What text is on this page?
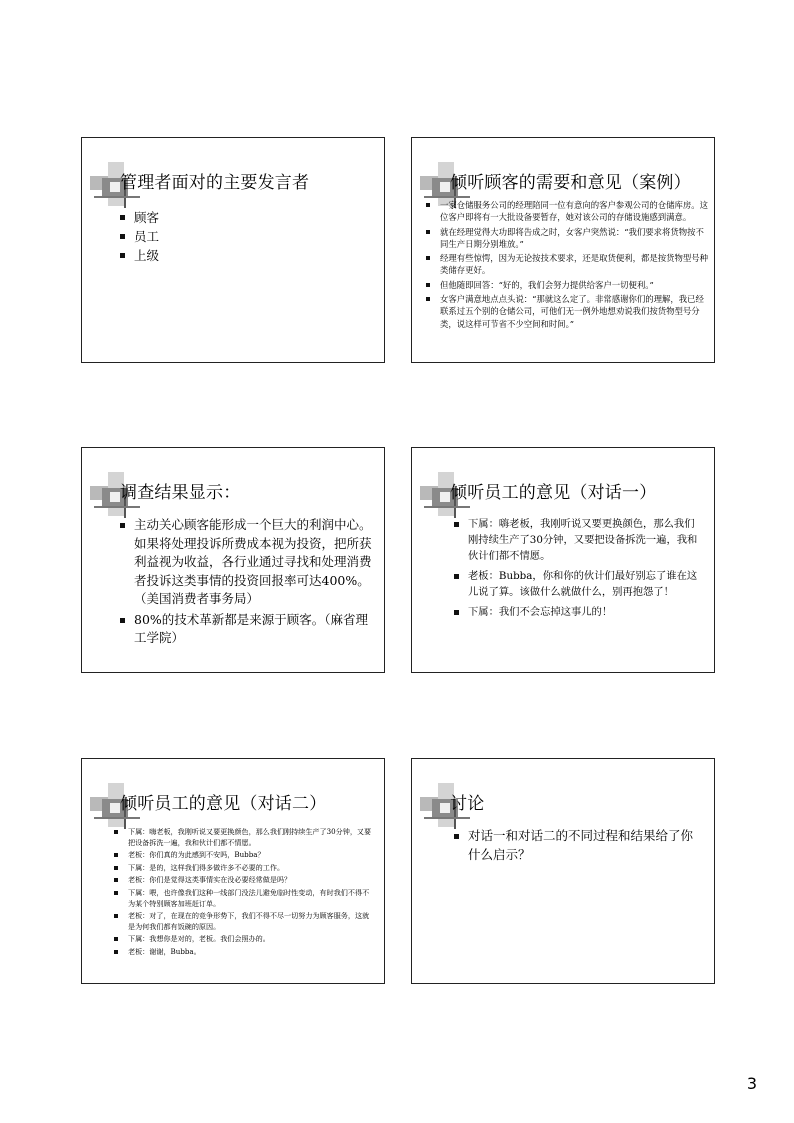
管理者面对的主要发言者
顾客
员工
上级
倾听顾客的需要和意见（案例）
一家仓储服务公司的经理陪同一位有意向的客户参观公司的仓储库房。这位客户即将有一大批设备要暂存，她对该公司的存储设施感到满意。
就在经理觉得大功即将告成之时，女客户突然说：“我们要求将货物按不同生产日期分别堆放。”
经理有些惊愕，因为无论按技术要求，还是取货便利，都是按货物型号种类储存更好。
但他随即回答：“好的，我们会努力提供给客户一切便利。”
女客户满意地点点头说：“那就这么定了。非常感谢你们的理解，我已经联系过五个别的仓储公司，可他们无一例外地想劝说我们按货物型号分类，说这样可节省不少空间和时间。”
调查结果显示：
主动关心顾客能形成一个巨大的利润中心。如果将处理投诉所费成本视为投资，把所获利益视为收益，各行业通过寻找和处理消费者投诉这类事情的投资回报率可达400%。（美国消费者事务局）
80%的技术革新都是来源于顾客。（麻省理工学院）
倾听员工的意见（对话一）
下属：嗨老板，我刚听说又要更换颜色，那么我们刚持续生产了30分钟，又要把设备拆洗一遍，我和伙计们都不情愿。
老板：Bubba，你和你的伙计们最好别忘了谁在这儿说了算。该做什么就做什么，别再抱怨了！
下属：我们不会忘掉这事儿的！
倾听员工的意见（对话二）
下属：嗨老板，我刚听说又要更换颜色，那么我们刚持续生产了30分钟，又要把设备拆洗一遍，我和伙计们都不情愿。
老板：你们真的为此感到不安吗，Bubba？
下属：是的，这样我们得多做许多不必要的工作。
老板：你们是觉得这类事情实在没必要经常做是吗？
下属：喂，也许像我们这种一线部门没法儿避免临时性变动，有时我们不得不为某个特别顾客加班赶订单。
老板：对了，在现在的竞争形势下，我们不得不尽一切努力为顾客服务，这就是为何我们都有饭碗的原因。
下属：我想你是对的，老板。我们会照办的。
老板：谢谢，Bubba。
讨论
对话一和对话二的不同过程和结果给了你什么启示？
3
